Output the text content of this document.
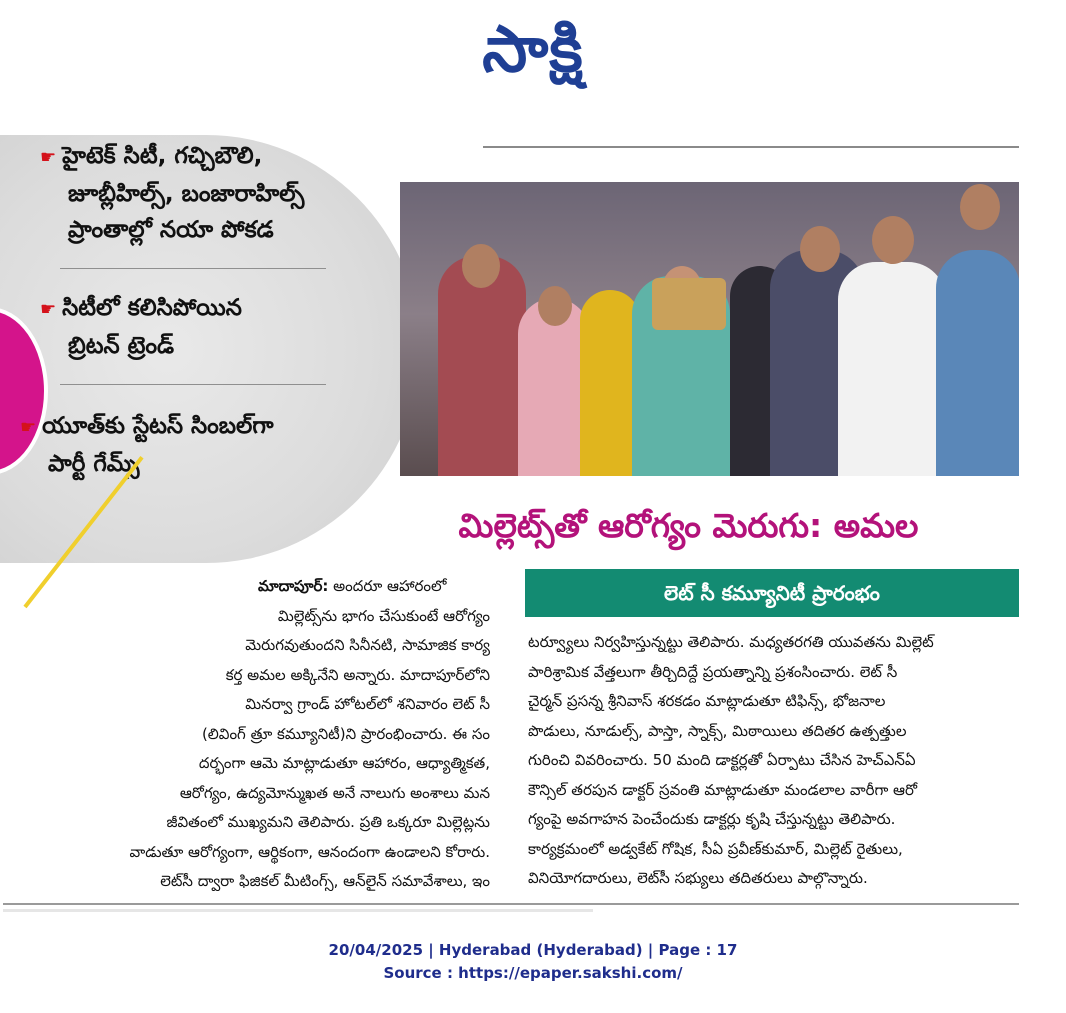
సాక్షి
☛ హైటెక్ సిటీ, గచ్చిబౌలి,
జూబ్లీహిల్స్, బంజారాహిల్స్
ప్రాంతాల్లో నయా పోకడ
☛ సిటీలో కలిసిపోయిన
బ్రిటన్ ట్రెండ్
☛ యూత్‌కు స్టేటస్ సింబల్‌గా
పార్టీ గేమ్స్
మిల్లెట్స్‌తో ఆరోగ్యం మెరుగు: అమల
లెట్ సీ కమ్యూనిటీ ప్రారంభం
మాదాపూర్: అందరూ ఆహారంలో
మిల్లెట్స్‌ను భాగం చేసుకుంటే ఆరోగ్యం
మెరుగవుతుందని సినీనటి, సామాజిక కార్య
కర్త అమల అక్కినేని అన్నారు. మాదాపూర్‌లోని
మినర్వా గ్రాండ్ హోటల్‌లో శనివారం లెట్ సీ
(లివింగ్ త్రూ కమ్యూనిటీ)ని ప్రారంభించారు. ఈ సం
దర్భంగా ఆమె మాట్లాడుతూ ఆహారం, ఆధ్యాత్మికత,
ఆరోగ్యం, ఉద్యమోన్ముఖత అనే నాలుగు అంశాలు మన
జీవితంలో ముఖ్యమని తెలిపారు. ప్రతి ఒక్కరూ మిల్లెట్లను
వాడుతూ ఆరోగ్యంగా, ఆర్థికంగా, ఆనందంగా ఉండాలని కోరారు.
లెట్‌సీ ద్వారా ఫిజికల్ మీటింగ్స్, ఆన్‌లైన్ సమావేశాలు, ఇం
టర్వ్యూలు నిర్వహిస్తున్నట్టు తెలిపారు. మధ్యతరగతి యువతను మిల్లెట్
పారిశ్రామిక వేత్తలుగా తీర్చిదిద్దే ప్రయత్నాన్ని ప్రశంసించారు. లెట్ సీ
చైర్మన్ ప్రసన్న శ్రీనివాస్ శరకడం మాట్లాడుతూ టిఫిన్స్, భోజనాల
పొడులు, నూడుల్స్, పాస్తా, స్నాక్స్, మిఠాయిలు తదితర ఉత్పత్తుల
గురించి వివరించారు. 50 మంది డాక్టర్లతో ఏర్పాటు చేసిన హెచ్‌ఎన్‌ఏ
కౌన్సిల్ తరపున డాక్టర్ స్రవంతి మాట్లాడుతూ మండలాల వారీగా ఆరో
గ్యంపై అవగాహన పెంచేందుకు డాక్టర్లు కృషి చేస్తున్నట్టు తెలిపారు.
కార్యక్రమంలో అడ్వకేట్ గోషిక, సీఏ ప్రవీణ్‌కుమార్, మిల్లెట్ రైతులు,
వినియోగదారులు, లెట్‌సీ సభ్యులు తదితరులు పాల్గొన్నారు.
20/04/2025 | Hyderabad (Hyderabad) | Page : 17
Source : https://epaper.sakshi.com/
